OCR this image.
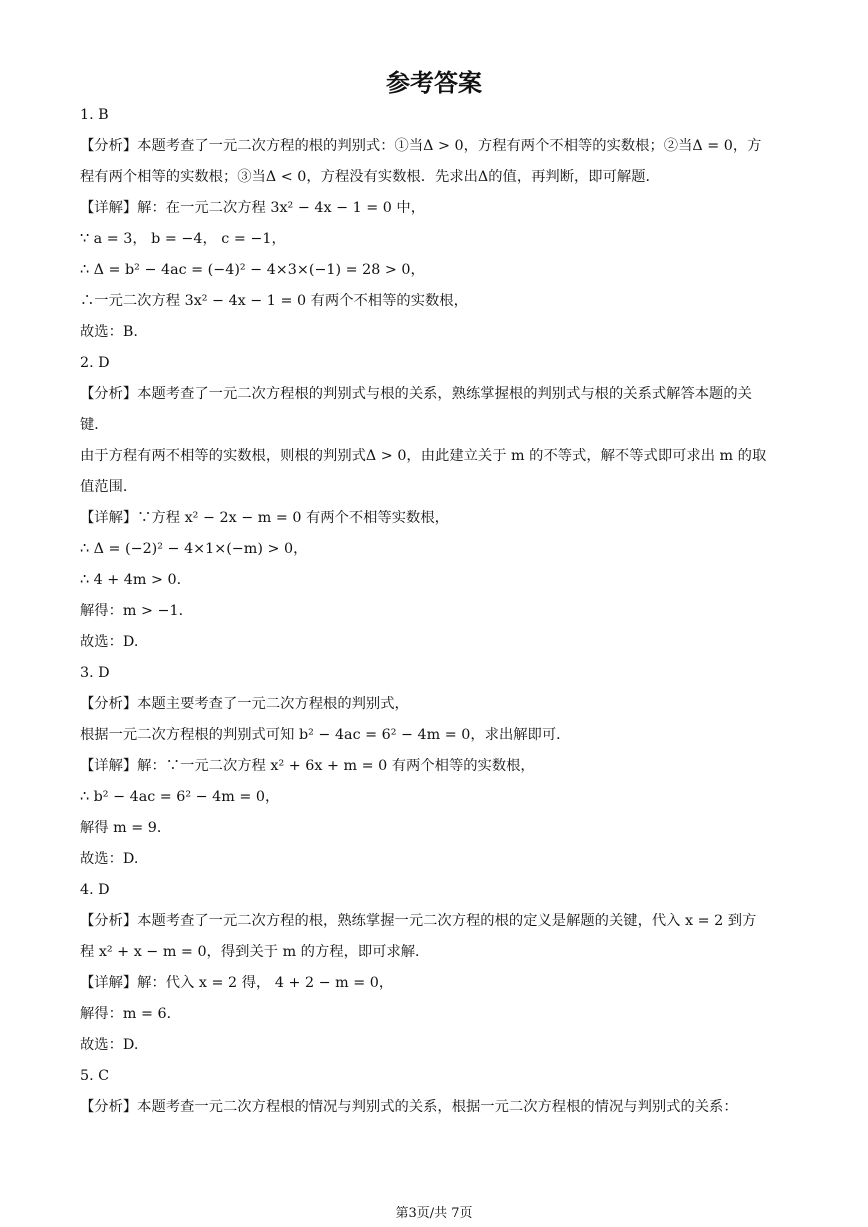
参考答案
1. B
【分析】本题考查了一元二次方程的根的判别式：①当Δ > 0，方程有两个不相等的实数根；②当Δ = 0，方
程有两个相等的实数根；③当Δ < 0，方程没有实数根．先求出Δ的值，再判断，即可解题．
【详解】解：在一元二次方程 3x² − 4x − 1 = 0 中，
∵ a = 3， b = −4， c = −1，
∴ Δ = b² − 4ac = (−4)² − 4×3×(−1) = 28 > 0，
∴一元二次方程 3x² − 4x − 1 = 0 有两个不相等的实数根，
故选：B.
2. D
【分析】本题考查了一元二次方程根的判别式与根的关系，熟练掌握根的判别式与根的关系式解答本题的关
键．
由于方程有两不相等的实数根，则根的判别式Δ > 0，由此建立关于 m 的不等式，解不等式即可求出 m 的取
值范围．
【详解】∵方程 x² − 2x − m = 0 有两个不相等实数根，
∴ Δ = (−2)² − 4×1×(−m) > 0，
∴ 4 + 4m > 0．
解得：m > −1．
故选：D.
3. D
【分析】本题主要考查了一元二次方程根的判别式，
根据一元二次方程根的判别式可知 b² − 4ac = 6² − 4m = 0，求出解即可．
【详解】解：∵一元二次方程 x² + 6x + m = 0 有两个相等的实数根，
∴ b² − 4ac = 6² − 4m = 0，
解得 m = 9．
故选：D.
4. D
【分析】本题考查了一元二次方程的根，熟练掌握一元二次方程的根的定义是解题的关键，代入 x = 2 到方
程 x² + x − m = 0，得到关于 m 的方程，即可求解．
【详解】解：代入 x = 2 得， 4 + 2 − m = 0，
解得：m = 6．
故选：D.
5. C
【分析】本题考查一元二次方程根的情况与判别式的关系，根据一元二次方程根的情况与判别式的关系：
第3页/共 7页
